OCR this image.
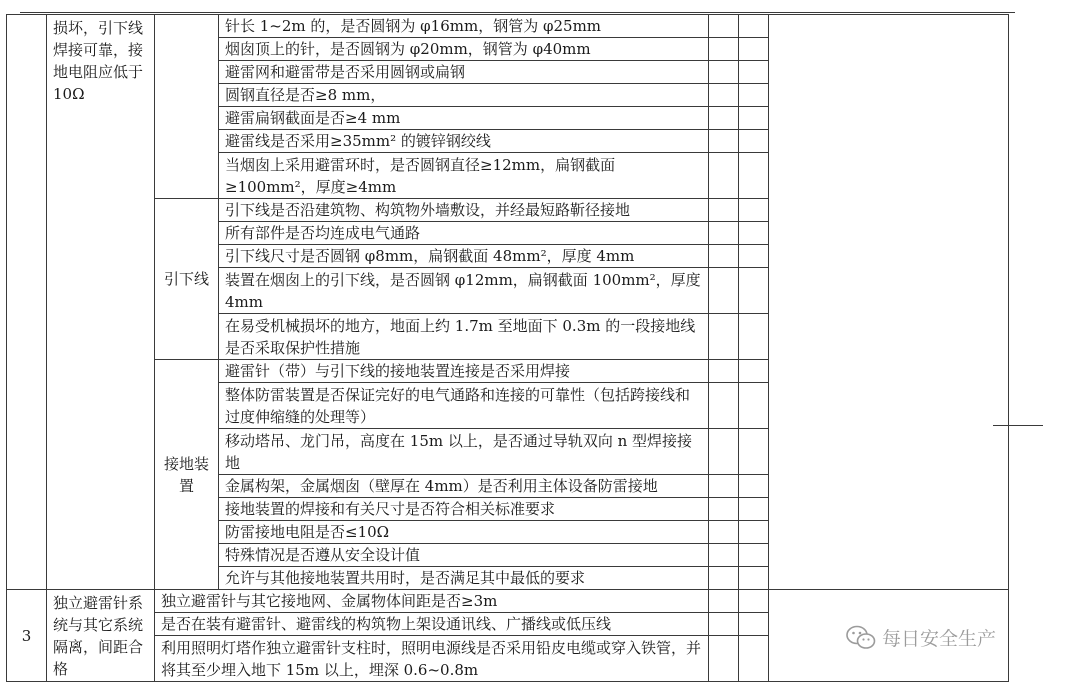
	损坏，引下线焊接可靠，接地电阻应低于 10Ω		针长 1~2m 的，是否圆钢为 φ16mm，钢管为 φ25mm			
			烟囱顶上的针，是否圆钢为 φ20mm，钢管为 φ40mm			
			避雷网和避雷带是否采用圆钢或扁钢			
			圆钢直径是否≥8 mm，			
			避雷扁钢截面是否≥4 mm			
			避雷线是否采用≥35mm² 的镀锌钢绞线			
			当烟囱上采用避雷环时，是否圆钢直径≥12mm，扁钢截面≥100mm²，厚度≥4mm			
		引下线	引下线是否沿建筑物、构筑物外墙敷设，并经最短路靳径接地			
			所有部件是否均连成电气通路			
			引下线尺寸是否圆钢 φ8mm，扁钢截面 48mm²，厚度 4mm			
			装置在烟囱上的引下线，是否圆钢 φ12mm，扁钢截面 100mm²，厚度 4mm			
			在易受机械损坏的地方，地面上约 1.7m 至地面下 0.3m 的一段接地线是否采取保护性措施			
		接地装置	避雷针（带）与引下线的接地装置连接是否采用焊接			
			整体防雷装置是否保证完好的电气通路和连接的可靠性（包括跨接线和过度伸缩缝的处理等）			
			移动塔吊、龙门吊，高度在 15m 以上，是否通过导轨双向 n 型焊接接地			
			金属构架，金属烟囱（壁厚在 4mm）是否利用主体设备防雷接地			
			接地装置的焊接和有关尺寸是否符合相关标准要求			
			防雷接地电阻是否≤10Ω			
			特殊情况是否遵从安全设计值			
			允许与其他接地装置共用时，是否满足其中最低的要求			
3	独立避雷针系统与其它系统隔离，间距合格	独立避雷针与其它接地网、金属物体间距是否≥3m				
		是否在装有避雷针、避雷线的构筑物上架设通讯线、广播线或低压线				
		利用照明灯塔作独立避雷针支柱时，照明电源线是否采用铅皮电缆或穿入铁管，并将其至少埋入地下 15m 以上，埋深 0.6~0.8m				
每日安全生产
